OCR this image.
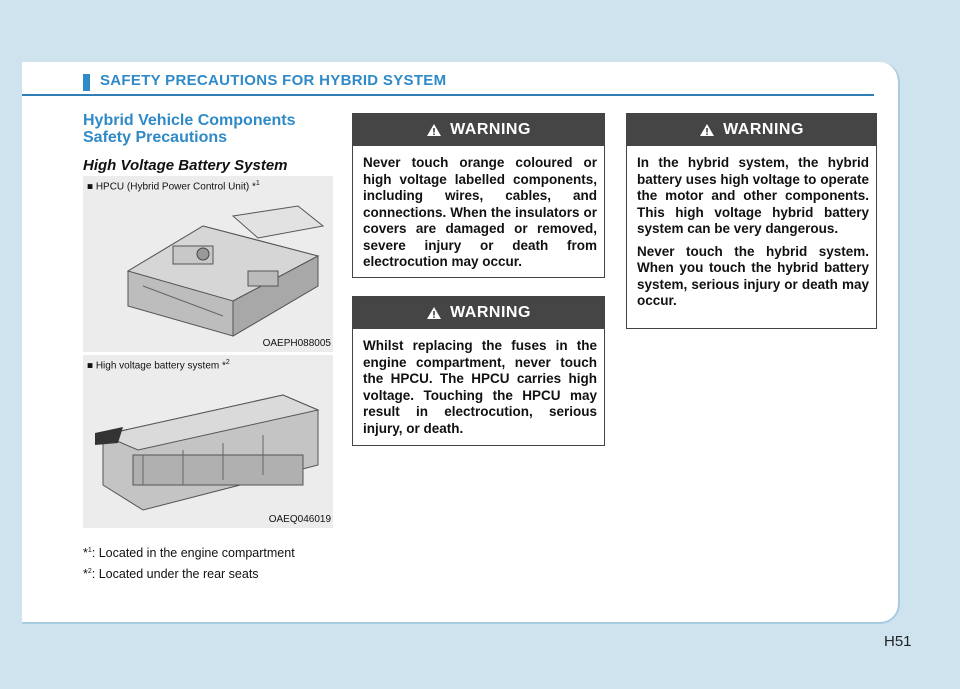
SAFETY PRECAUTIONS FOR HYBRID SYSTEM

Hybrid Vehicle Components
Safety Precautions

High Voltage Battery System

■ HPCU (Hybrid Power Control Unit) *$^1$
OAEPH088005
■ High voltage battery system *$^2$
OAEQ046019
*$^1$: Located in the engine compartment
*$^2$: Located under the rear seats
WARNING

Never touch orange coloured or high voltage labelled components, including wires, cables, and connections. When the insulators or covers are damaged or removed, severe injury or death from electrocution may occur.

WARNING

Whilst replacing the fuses in the engine compartment, never touch the HPCU. The HPCU carries high voltage. Touching the HPCU may result in electrocution, serious injury, or death.

WARNING

In the hybrid system, the hybrid battery uses high voltage to operate the motor and other components. This high voltage hybrid battery system can be very dangerous.

Never touch the hybrid system. When you touch the hybrid battery system, serious injury or death may occur.

H51
